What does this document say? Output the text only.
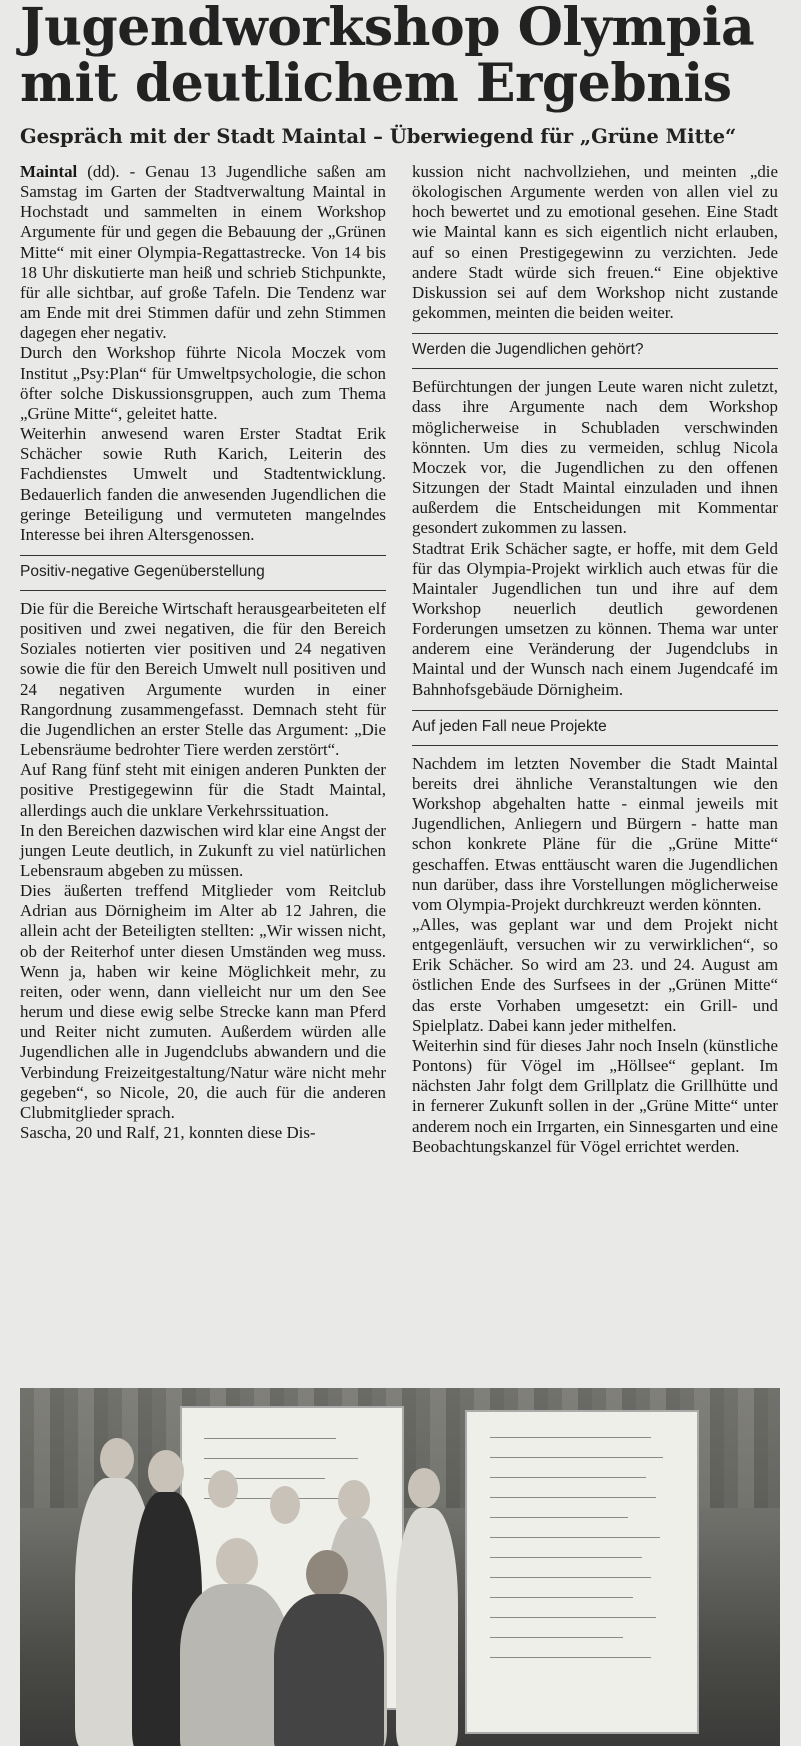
Jugendworkshop Olympia
mit deutlichem Ergebnis
Gespräch mit der Stadt Maintal – Überwiegend für „Grüne Mitte“

Maintal (dd). - Genau 13 Jugendliche saßen am Samstag im Garten der Stadtverwaltung Maintal in Hochstadt und sammelten in einem Workshop Argumente für und gegen die Bebauung der „Grünen Mitte“ mit einer Olympia-Regattastrecke. Von 14 bis 18 Uhr diskutierte man heiß und schrieb Stichpunkte, für alle sichtbar, auf große Tafeln. Die Tendenz war am Ende mit drei Stimmen dafür und zehn Stimmen dagegen eher negativ.

Durch den Workshop führte Nicola Moczek vom Institut „Psy:Plan“ für Umweltpsychologie, die schon öfter solche Diskussionsgruppen, auch zum Thema „Grüne Mitte“, geleitet hatte.

Weiterhin anwesend waren Erster Stadtat Erik Schächer sowie Ruth Karich, Leiterin des Fachdienstes Umwelt und Stadtentwicklung. Bedauerlich fanden die anwesenden Jugendlichen die geringe Beteiligung und vermuteten mangelndes Interesse bei ihren Altersgenossen.

Positiv-negative Gegenüberstellung

Die für die Bereiche Wirtschaft herausgearbeiteten elf positiven und zwei negativen, die für den Bereich Soziales notierten vier positiven und 24 negativen sowie die für den Bereich Umwelt null positiven und 24 negativen Argumente wurden in einer Rangordnung zusammengefasst. Demnach steht für die Jugendlichen an erster Stelle das Argument: „Die Lebensräume bedrohter Tiere werden zerstört“.

Auf Rang fünf steht mit einigen anderen Punkten der positive Prestigegewinn für die Stadt Maintal, allerdings auch die unklare Verkehrssituation.

In den Bereichen dazwischen wird klar eine Angst der jungen Leute deutlich, in Zukunft zu viel natürlichen Lebensraum abgeben zu müssen.

Dies äußerten treffend Mitglieder vom Reitclub Adrian aus Dörnigheim im Alter ab 12 Jahren, die allein acht der Beteiligten stellten: „Wir wissen nicht, ob der Reiterhof unter diesen Umständen weg muss. Wenn ja, haben wir keine Möglichkeit mehr, zu reiten, oder wenn, dann vielleicht nur um den See herum und diese ewig selbe Strecke kann man Pferd und Reiter nicht zumuten. Außerdem würden alle Jugendlichen alle in Jugendclubs abwandern und die Verbindung Freizeitgestaltung/Natur wäre nicht mehr gegeben“, so Nicole, 20, die auch für die anderen Clubmitglieder sprach.

Sascha, 20 und Ralf, 21, konnten diese Dis-

kussion nicht nachvollziehen, und meinten „die ökologischen Argumente werden von allen viel zu hoch bewertet und zu emotional gesehen. Eine Stadt wie Maintal kann es sich eigentlich nicht erlauben, auf so einen Prestigegewinn zu verzichten. Jede andere Stadt würde sich freuen.“ Eine objektive Diskussion sei auf dem Workshop nicht zustande gekommen, meinten die beiden weiter.

Werden die Jugendlichen gehört?

Befürchtungen der jungen Leute waren nicht zuletzt, dass ihre Argumente nach dem Workshop möglicherweise in Schubladen verschwinden könnten. Um dies zu vermeiden, schlug Nicola Moczek vor, die Jugendlichen zu den offenen Sitzungen der Stadt Maintal einzuladen und ihnen außerdem die Entscheidungen mit Kommentar gesondert zukommen zu lassen.

Stadtrat Erik Schächer sagte, er hoffe, mit dem Geld für das Olympia-Projekt wirklich auch etwas für die Maintaler Jugendlichen tun und ihre auf dem Workshop neuerlich deutlich gewordenen Forderungen umsetzen zu können. Thema war unter anderem eine Veränderung der Jugendclubs in Maintal und der Wunsch nach einem Jugendcafé im Bahnhofsgebäude Dörnigheim.

Auf jeden Fall neue Projekte

Nachdem im letzten November die Stadt Maintal bereits drei ähnliche Veranstaltungen wie den Workshop abgehalten hatte - einmal jeweils mit Jugendlichen, Anliegern und Bürgern - hatte man schon konkrete Pläne für die „Grüne Mitte“ geschaffen. Etwas enttäuscht waren die Jugendlichen nun darüber, dass ihre Vorstellungen möglicherweise vom Olympia-Projekt durchkreuzt werden könnten.

„Alles, was geplant war und dem Projekt nicht entgegenläuft, versuchen wir zu verwirklichen“, so Erik Schächer. So wird am 23. und 24. August am östlichen Ende des Surfsees in der „Grünen Mitte“ das erste Vorhaben umgesetzt: ein Grill- und Spielplatz. Dabei kann jeder mithelfen.

Weiterhin sind für dieses Jahr noch Inseln (künstliche Pontons) für Vögel im „Höllsee“ geplant. Im nächsten Jahr folgt dem Grillplatz die Grillhütte und in fernerer Zukunft sollen in der „Grüne Mitte“ unter anderem noch ein Irrgarten, ein Sinnesgarten und eine Beobachtungskanzel für Vögel errichtet werden.
